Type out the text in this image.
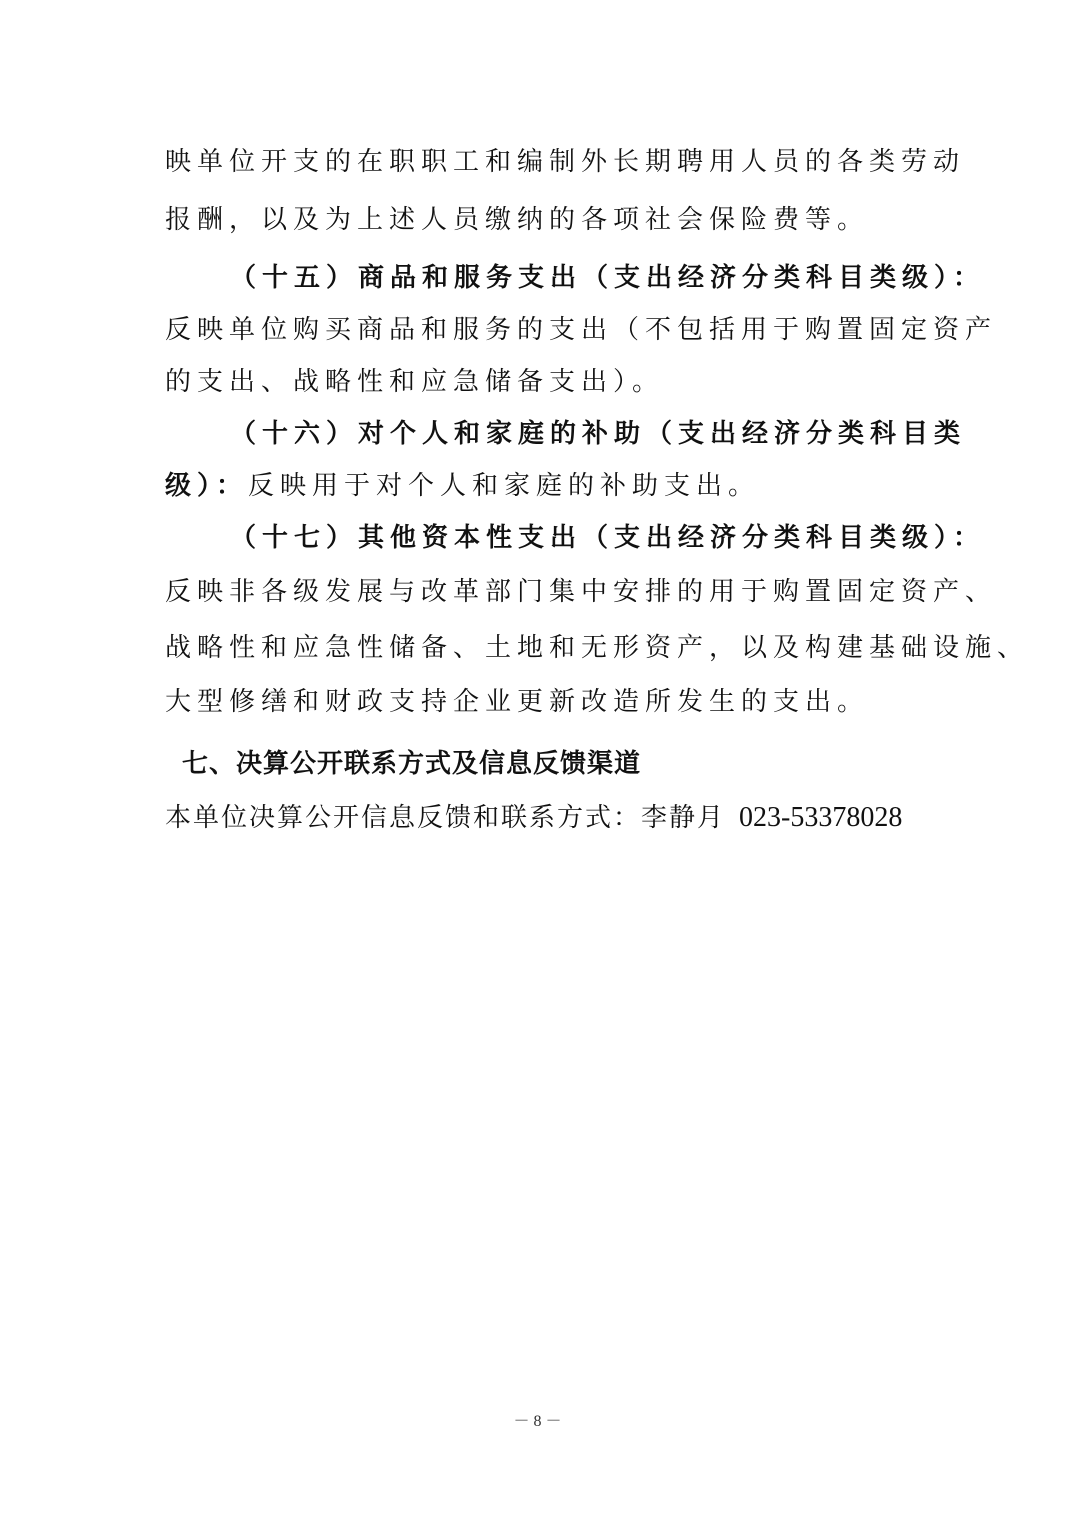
映单位开支的在职职工和编制外长期聘用人员的各类劳动
报酬，以及为上述人员缴纳的各项社会保险费等。
（十五）商品和服务支出（支出经济分类科目类级）：
反映单位购买商品和服务的支出（不包括用于购置固定资产
的支出、战略性和应急储备支出）。
（十六）对个人和家庭的补助（支出经济分类科目类
级）：反映用于对个人和家庭的补助支出。
（十七）其他资本性支出（支出经济分类科目类级）：
反映非各级发展与改革部门集中安排的用于购置固定资产、
战略性和应急性储备、土地和无形资产，以及构建基础设施、
大型修缮和财政支持企业更新改造所发生的支出。
七、决算公开联系方式及信息反馈渠道
本单位决算公开信息反馈和联系方式：李静月 023-53378028
－ 8 －
